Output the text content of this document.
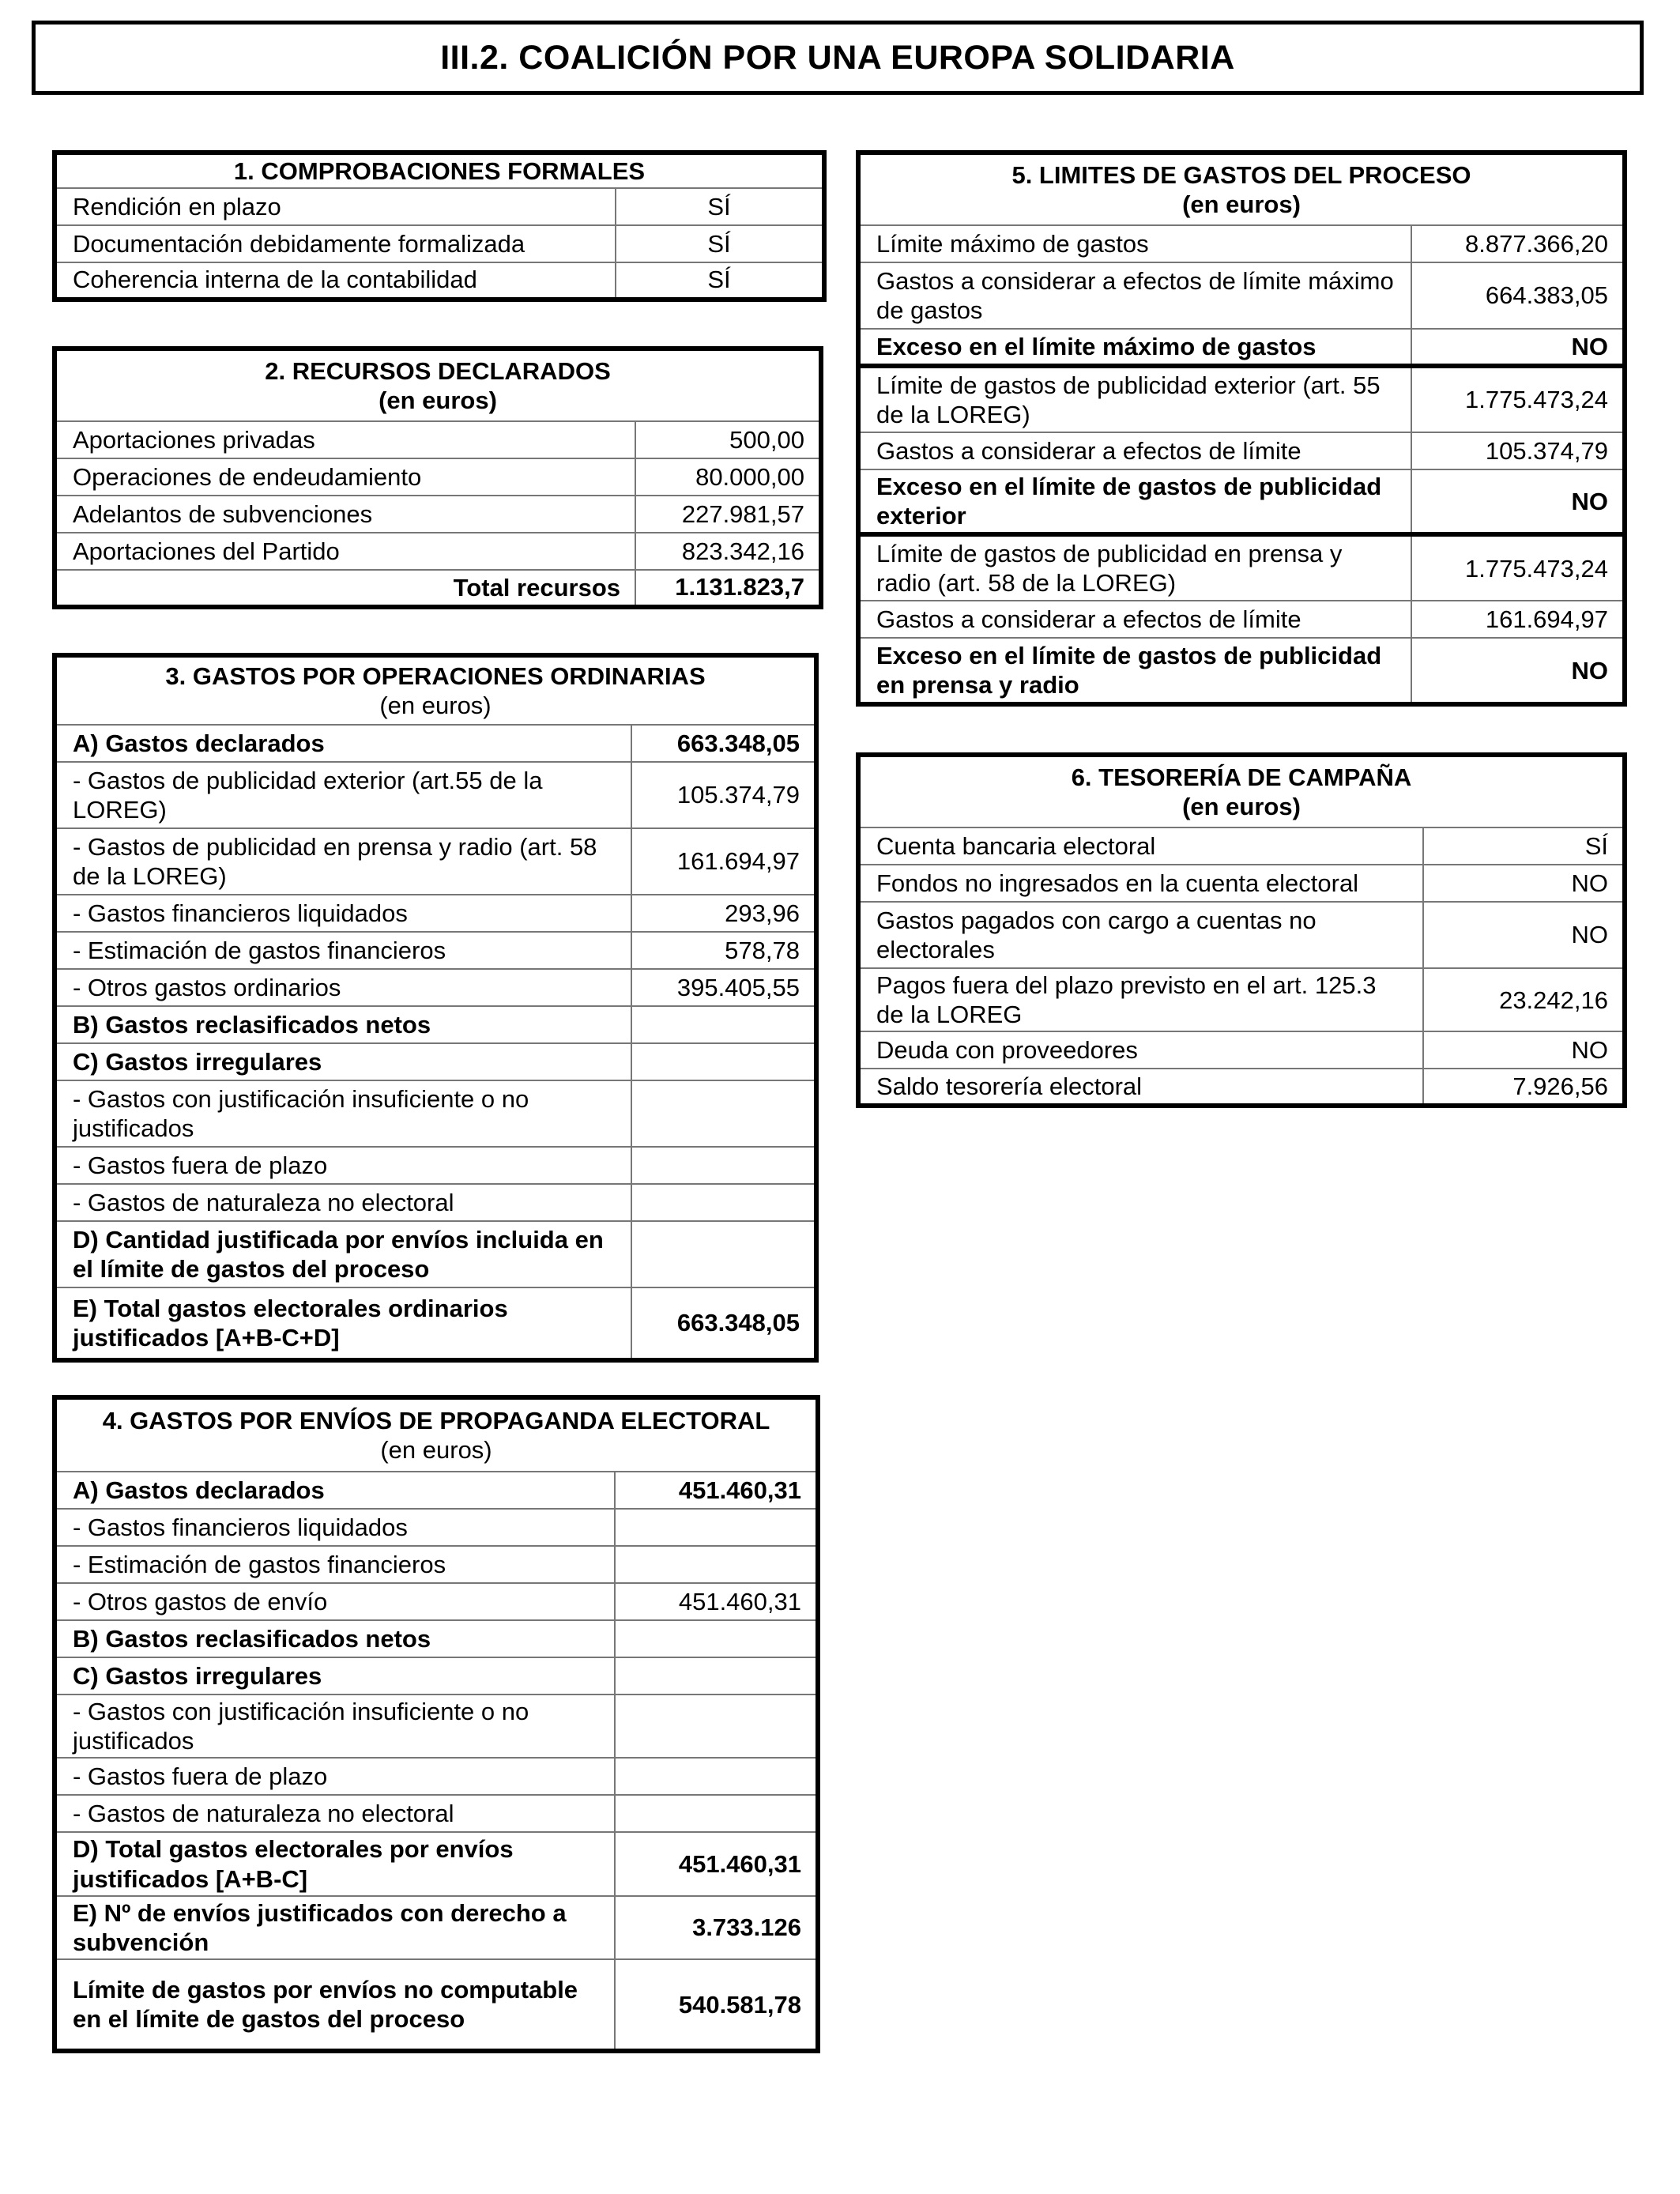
III.2. COALICIÓN POR UNA EUROPA SOLIDARIA
1. COMPROBACIONES FORMALES	
Rendición en plazo	SÍ
Documentación debidamente formalizada	SÍ
Coherencia interna de la contabilidad	SÍ
2. RECURSOS DECLARADOS
(en euros)	

Aportaciones privadas	500,00
Operaciones de endeudamiento	80.000,00
Adelantos de subvenciones	227.981,57
Aportaciones del Partido	823.342,16
Total recursos	1.131.823,7
3. GASTOS POR OPERACIONES ORDINARIAS
(en euros)	

A) Gastos declarados	663.348,05
- Gastos de publicidad exterior (art.55 de la LOREG)	105.374,79
- Gastos de publicidad en prensa y radio (art. 58 de la LOREG)	161.694,97
- Gastos financieros liquidados	293,96
- Estimación de gastos financieros	578,78
- Otros gastos ordinarios	395.405,55
B) Gastos reclasificados netos	
C) Gastos irregulares	
- Gastos con justificación insuficiente o no justificados	
- Gastos fuera de plazo	
- Gastos de naturaleza no electoral	
D) Cantidad justificada por envíos incluida en el límite de gastos del proceso	
E) Total gastos electorales ordinarios justificados [A+B-C+D]	663.348,05
4. GASTOS POR ENVÍOS DE PROPAGANDA ELECTORAL
(en euros)	

A) Gastos declarados	451.460,31
- Gastos financieros liquidados	
- Estimación de gastos financieros	
- Otros gastos de envío	451.460,31
B) Gastos reclasificados netos	
C) Gastos irregulares	
- Gastos con justificación insuficiente o no justificados	
- Gastos fuera de plazo	
- Gastos de naturaleza no electoral	
D) Total gastos electorales por envíos justificados [A+B-C]	451.460,31
E) Nº de envíos justificados con derecho a subvención	3.733.126
Límite de gastos por envíos no computable en el límite de gastos del proceso	540.581,78
5. LIMITES DE GASTOS DEL PROCESO
(en euros)	

Límite máximo de gastos	8.877.366,20
Gastos a considerar a efectos de límite máximo de gastos	664.383,05
Exceso en el límite máximo de gastos	NO
Límite de gastos de publicidad exterior (art. 55 de la LOREG)	1.775.473,24
Gastos a considerar a efectos de límite	105.374,79
Exceso en el límite de gastos de publicidad exterior	NO
Límite de gastos de publicidad en prensa y radio (art. 58 de la LOREG)	1.775.473,24
Gastos a considerar a efectos de límite	161.694,97
Exceso en el límite de gastos de publicidad en prensa y radio	NO
6. TESORERÍA DE CAMPAÑA
(en euros)	

Cuenta bancaria electoral	SÍ
Fondos no ingresados en la cuenta electoral	NO
Gastos pagados con cargo a cuentas no electorales	NO
Pagos fuera del plazo previsto en el art. 125.3 de la LOREG	23.242,16
Deuda con proveedores	NO
Saldo tesorería electoral	7.926,56
